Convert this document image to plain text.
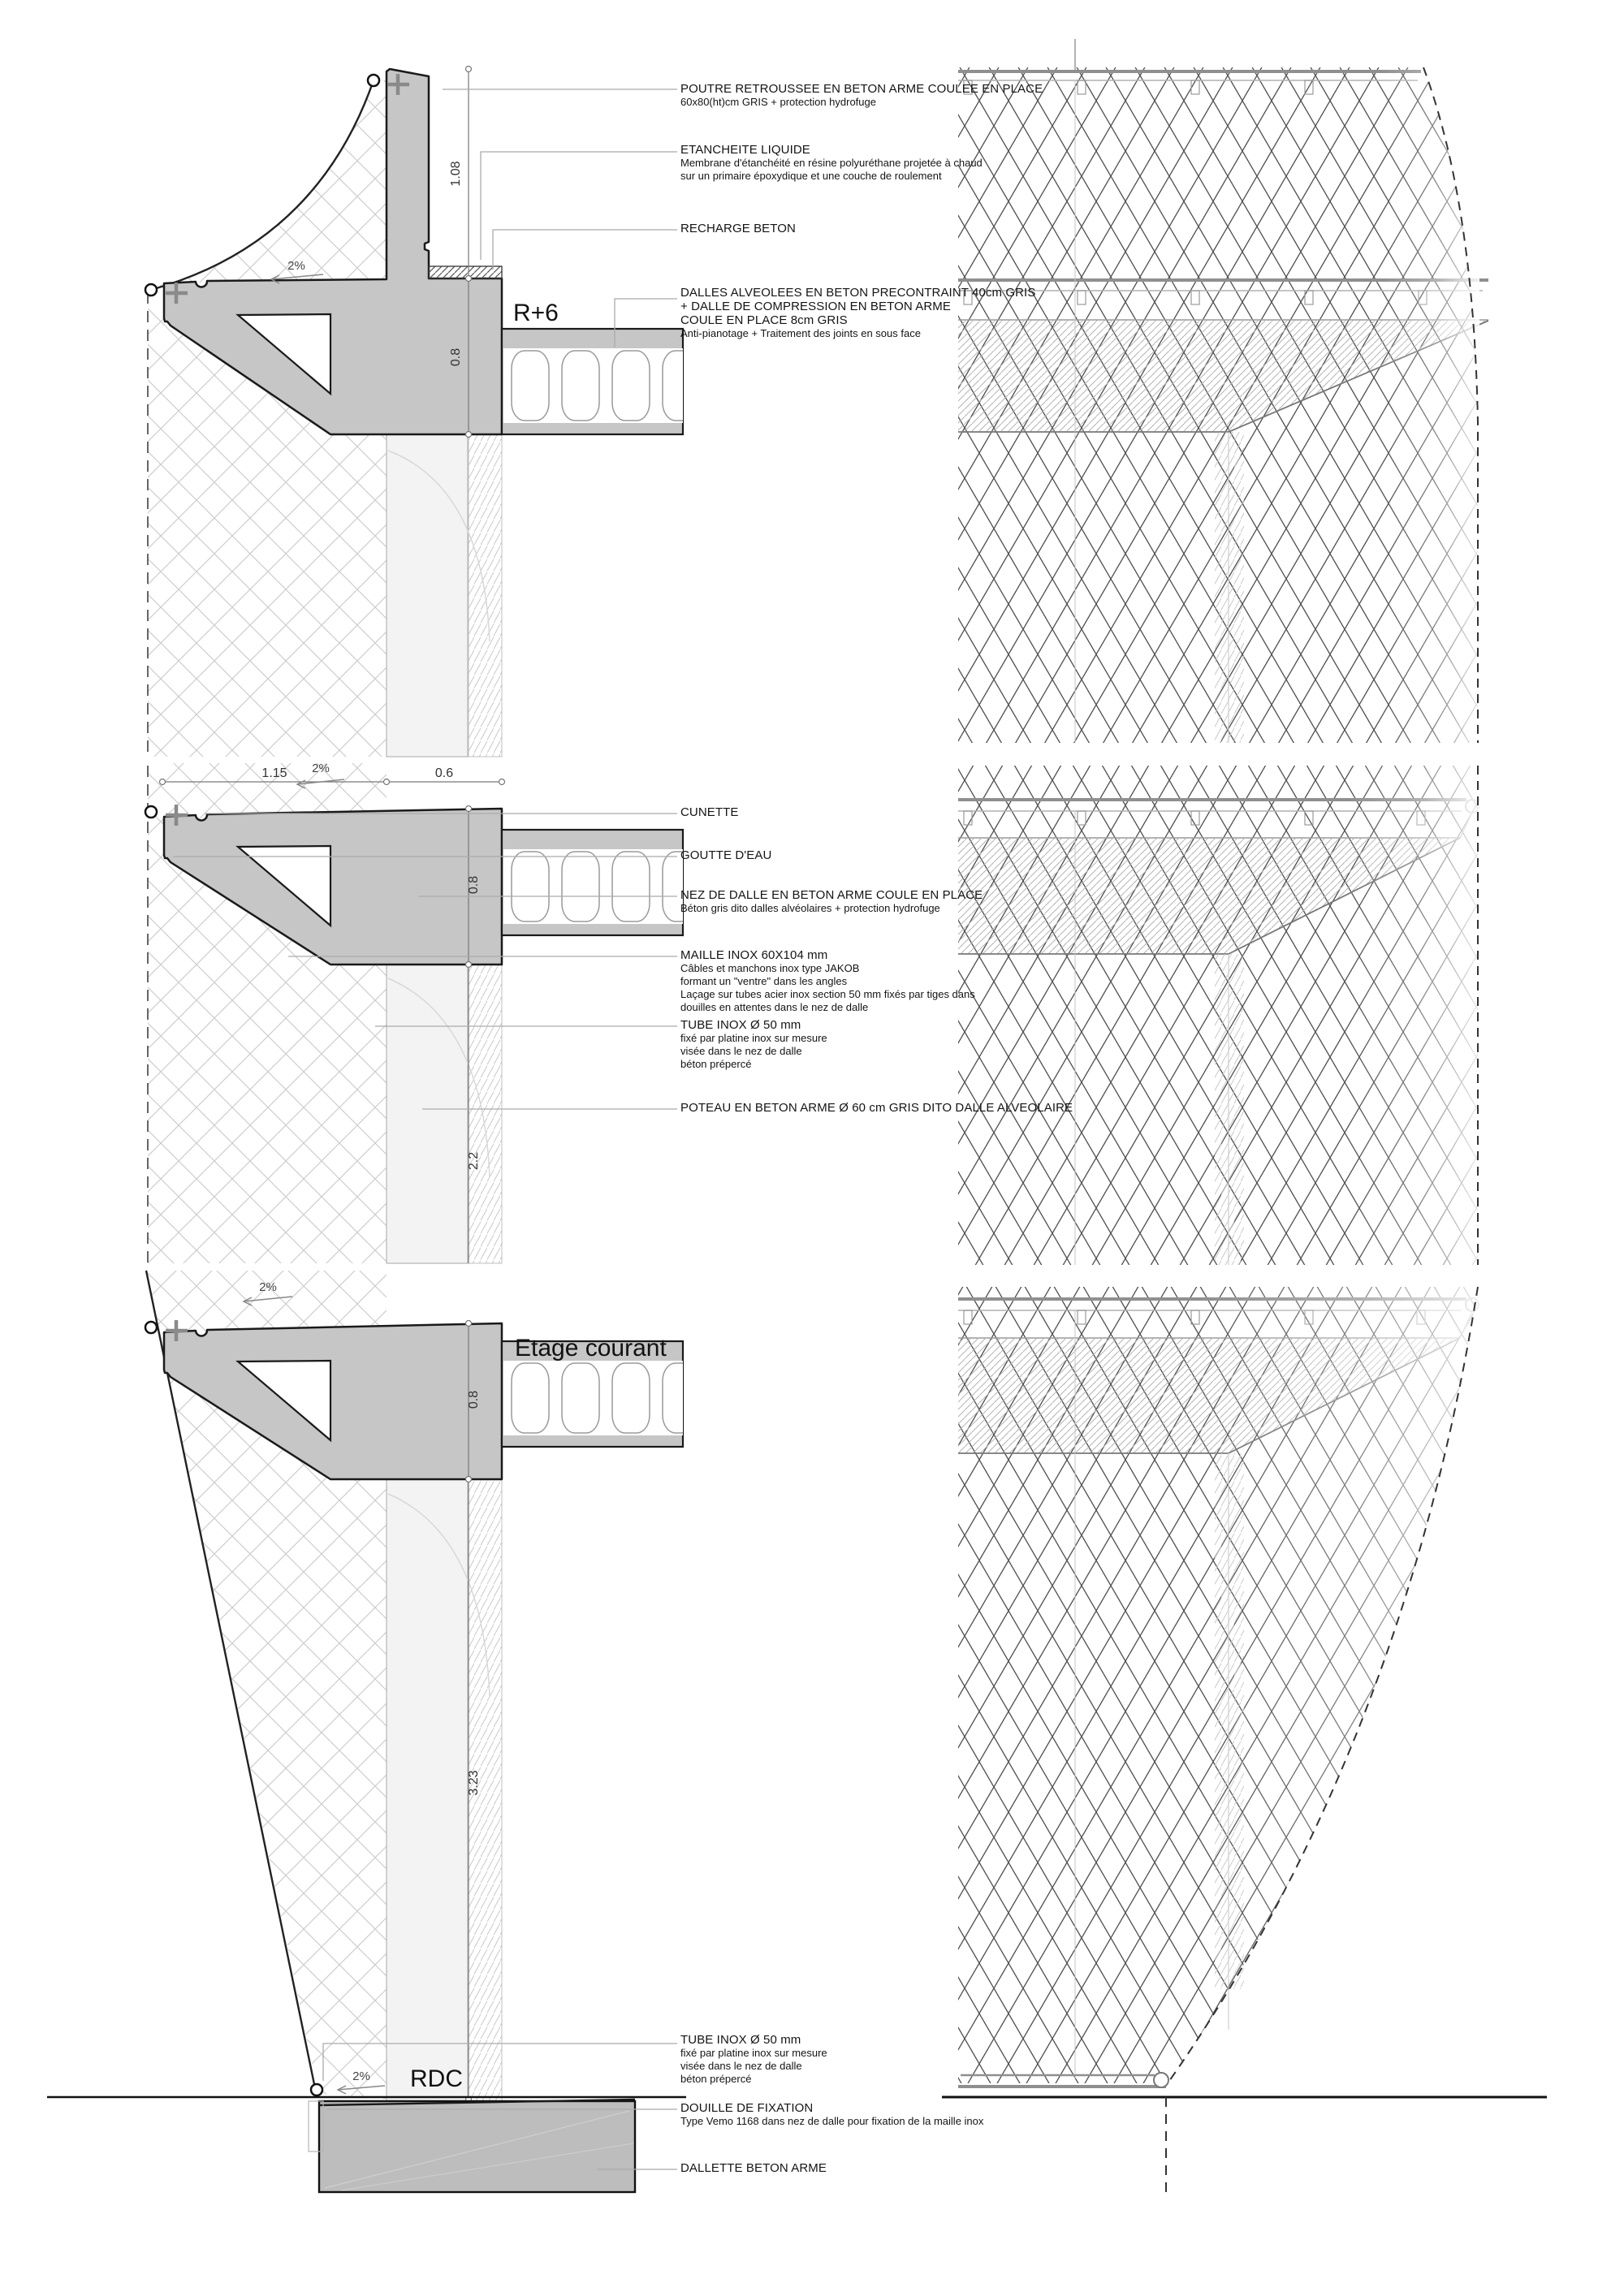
1.08
0.8
2%
R+6
1.15	0.6
2%
0.8
2.2
2%
Etage courant
0.8
3.23
2% RDC
POUTRE RETROUSSEE EN BETON ARME COULEE EN PLACE
60x80(ht)cm GRIS + protection hydrofuge
ETANCHEITE LIQUIDE
Membrane d'étanchéité en résine polyuréthane projetée à chaud
sur un primaire époxydique et une couche de roulement
RECHARGE BETON
DALLES ALVEOLEES EN BETON PRECONTRAINT 40cm GRIS
+ DALLE DE COMPRESSION EN BETON ARME
COULE EN PLACE 8cm GRIS
Anti-pianotage + Traitement des joints en sous face
CUNETTE
GOUTTE D'EAU
NEZ DE DALLE EN BETON ARME COULE EN PLACE
Béton gris dito dalles alvéolaires + protection hydrofuge
MAILLE INOX 60X104 mm
Câbles et manchons inox type JAKOB
formant un "ventre" dans les angles
Laçage sur tubes acier inox section 50 mm fixés par tiges dans
douilles en attentes dans le nez de dalle
TUBE INOX Ø 50 mm
fixé par platine inox sur mesure
visée dans le nez de dalle
béton prépercé
POTEAU EN BETON ARME Ø 60 cm GRIS DITO DALLE ALVEOLAIRE
TUBE INOX Ø 50 mm
fixé par platine inox sur mesure
visée dans le nez de dalle
béton prépercé
DOUILLE DE FIXATION
Type Vemo 1168 dans nez de dalle pour fixation de la maille inox
DALLETTE BETON ARME
